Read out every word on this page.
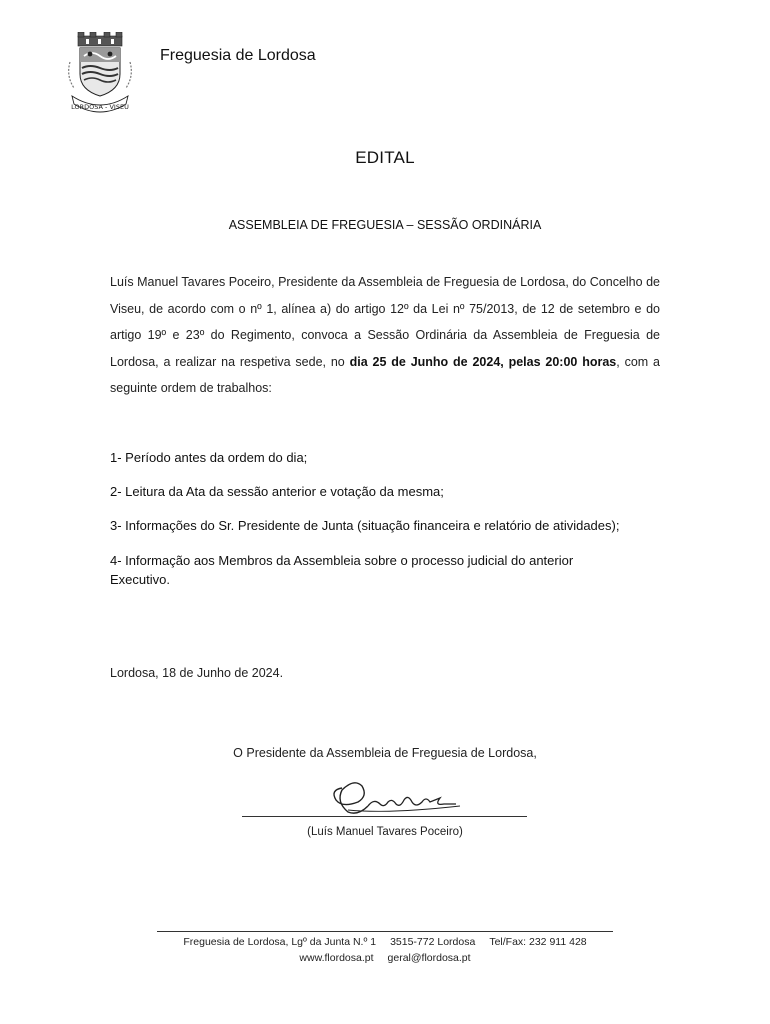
LORDOSA - VISEU
Freguesia de Lordosa
EDITAL
ASSEMBLEIA DE FREGUESIA – SESSÃO ORDINÁRIA
Luís Manuel Tavares Poceiro, Presidente da Assembleia de Freguesia de Lordosa, do Concelho de Viseu, de acordo com o nº 1, alínea a) do artigo 12º da Lei nº 75/2013, de 12 de setembro e do artigo 19º e 23º do Regimento, convoca a Sessão Ordinária da Assembleia de Freguesia de Lordosa, a realizar na respetiva sede, no dia 25 de Junho de 2024, pelas 20:00 horas, com a seguinte ordem de trabalhos:
1- Período antes da ordem do dia;
2- Leitura da Ata da sessão anterior e votação da mesma;
3- Informações do Sr. Presidente de Junta (situação financeira e relatório de atividades);
4- Informação aos Membros da Assembleia sobre o processo judicial do anterior Executivo.
Lordosa, 18 de Junho de 2024.
O Presidente da Assembleia de Freguesia de Lordosa,
(Luís Manuel Tavares Poceiro)
Freguesia de Lordosa, Lgº da Junta N.º 1 3515-772 Lordosa Tel/Fax: 232 911 428
www.flordosa.pt geral@flordosa.pt
